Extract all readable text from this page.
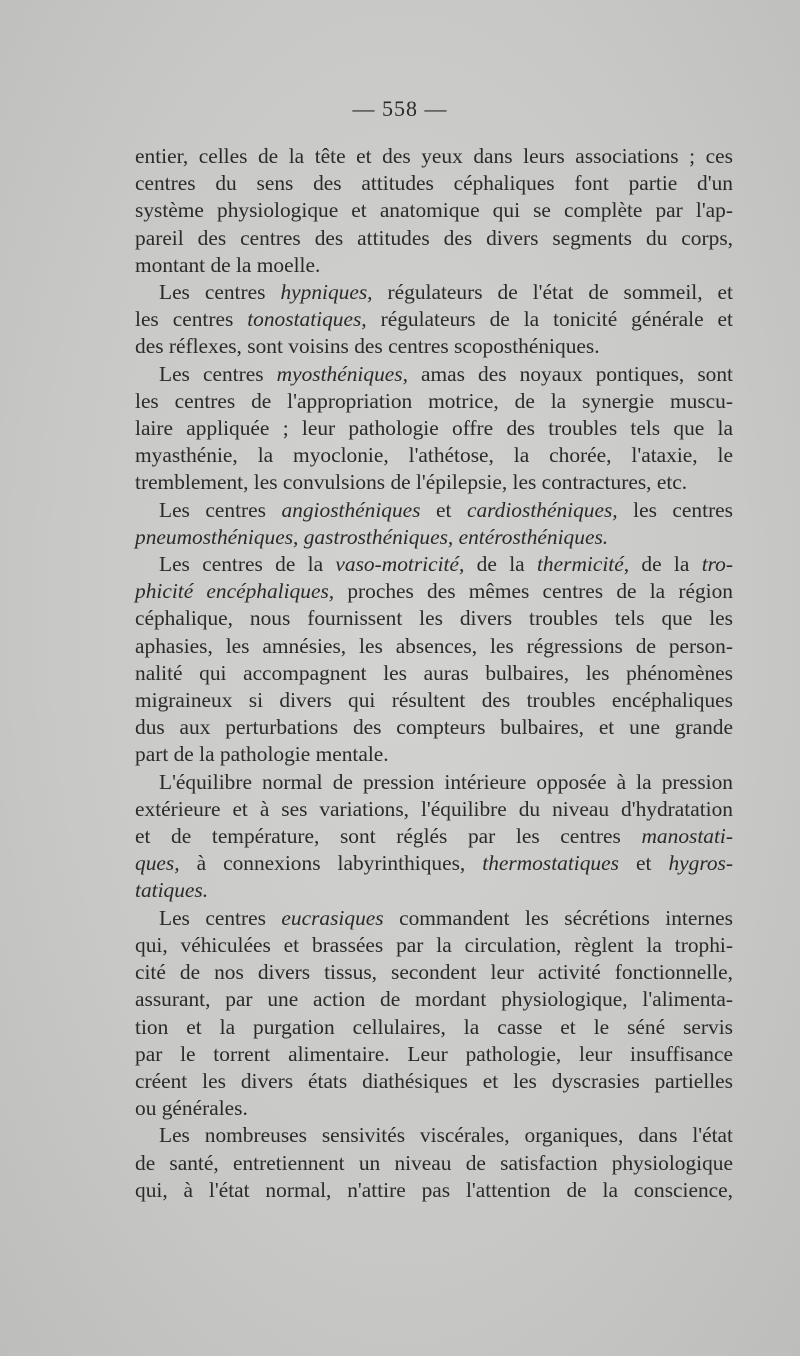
— 558 —
entier, celles de la tête et des yeux dans leurs associations ; ces
centres du sens des attitudes céphaliques font partie d'un
système physiologique et anatomique qui se complète par l'ap-
pareil des centres des attitudes des divers segments du corps,
montant de la moelle.
Les centres hypniques, régulateurs de l'état de sommeil, et
les centres tonostatiques, régulateurs de la tonicité générale et
des réflexes, sont voisins des centres scoposthéniques.
Les centres myosthéniques, amas des noyaux pontiques, sont
les centres de l'appropriation motrice, de la synergie muscu-
laire appliquée ; leur pathologie offre des troubles tels que la
myasthénie, la myoclonie, l'athétose, la chorée, l'ataxie, le
tremblement, les convulsions de l'épilepsie, les contractures, etc.
Les centres angiosthéniques et cardiosthéniques, les centres
pneumosthéniques, gastrosthéniques, entérosthéniques.
Les centres de la vaso-motricité, de la thermicité, de la tro-
phicité encéphaliques, proches des mêmes centres de la région
céphalique, nous fournissent les divers troubles tels que les
aphasies, les amnésies, les absences, les régressions de person-
nalité qui accompagnent les auras bulbaires, les phénomènes
migraineux si divers qui résultent des troubles encéphaliques
dus aux perturbations des compteurs bulbaires, et une grande
part de la pathologie mentale.
L'équilibre normal de pression intérieure opposée à la pression
extérieure et à ses variations, l'équilibre du niveau d'hydratation
et de température, sont réglés par les centres manostati-
ques, à connexions labyrinthiques, thermostatiques et hygros-
tatiques.
Les centres eucrasiques commandent les sécrétions internes
qui, véhiculées et brassées par la circulation, règlent la trophi-
cité de nos divers tissus, secondent leur activité fonctionnelle,
assurant, par une action de mordant physiologique, l'alimenta-
tion et la purgation cellulaires, la casse et le séné servis
par le torrent alimentaire. Leur pathologie, leur insuffisance
créent les divers états diathésiques et les dyscrasies partielles
ou générales.
Les nombreuses sensivités viscérales, organiques, dans l'état
de santé, entretiennent un niveau de satisfaction physiologique
qui, à l'état normal, n'attire pas l'attention de la conscience,
